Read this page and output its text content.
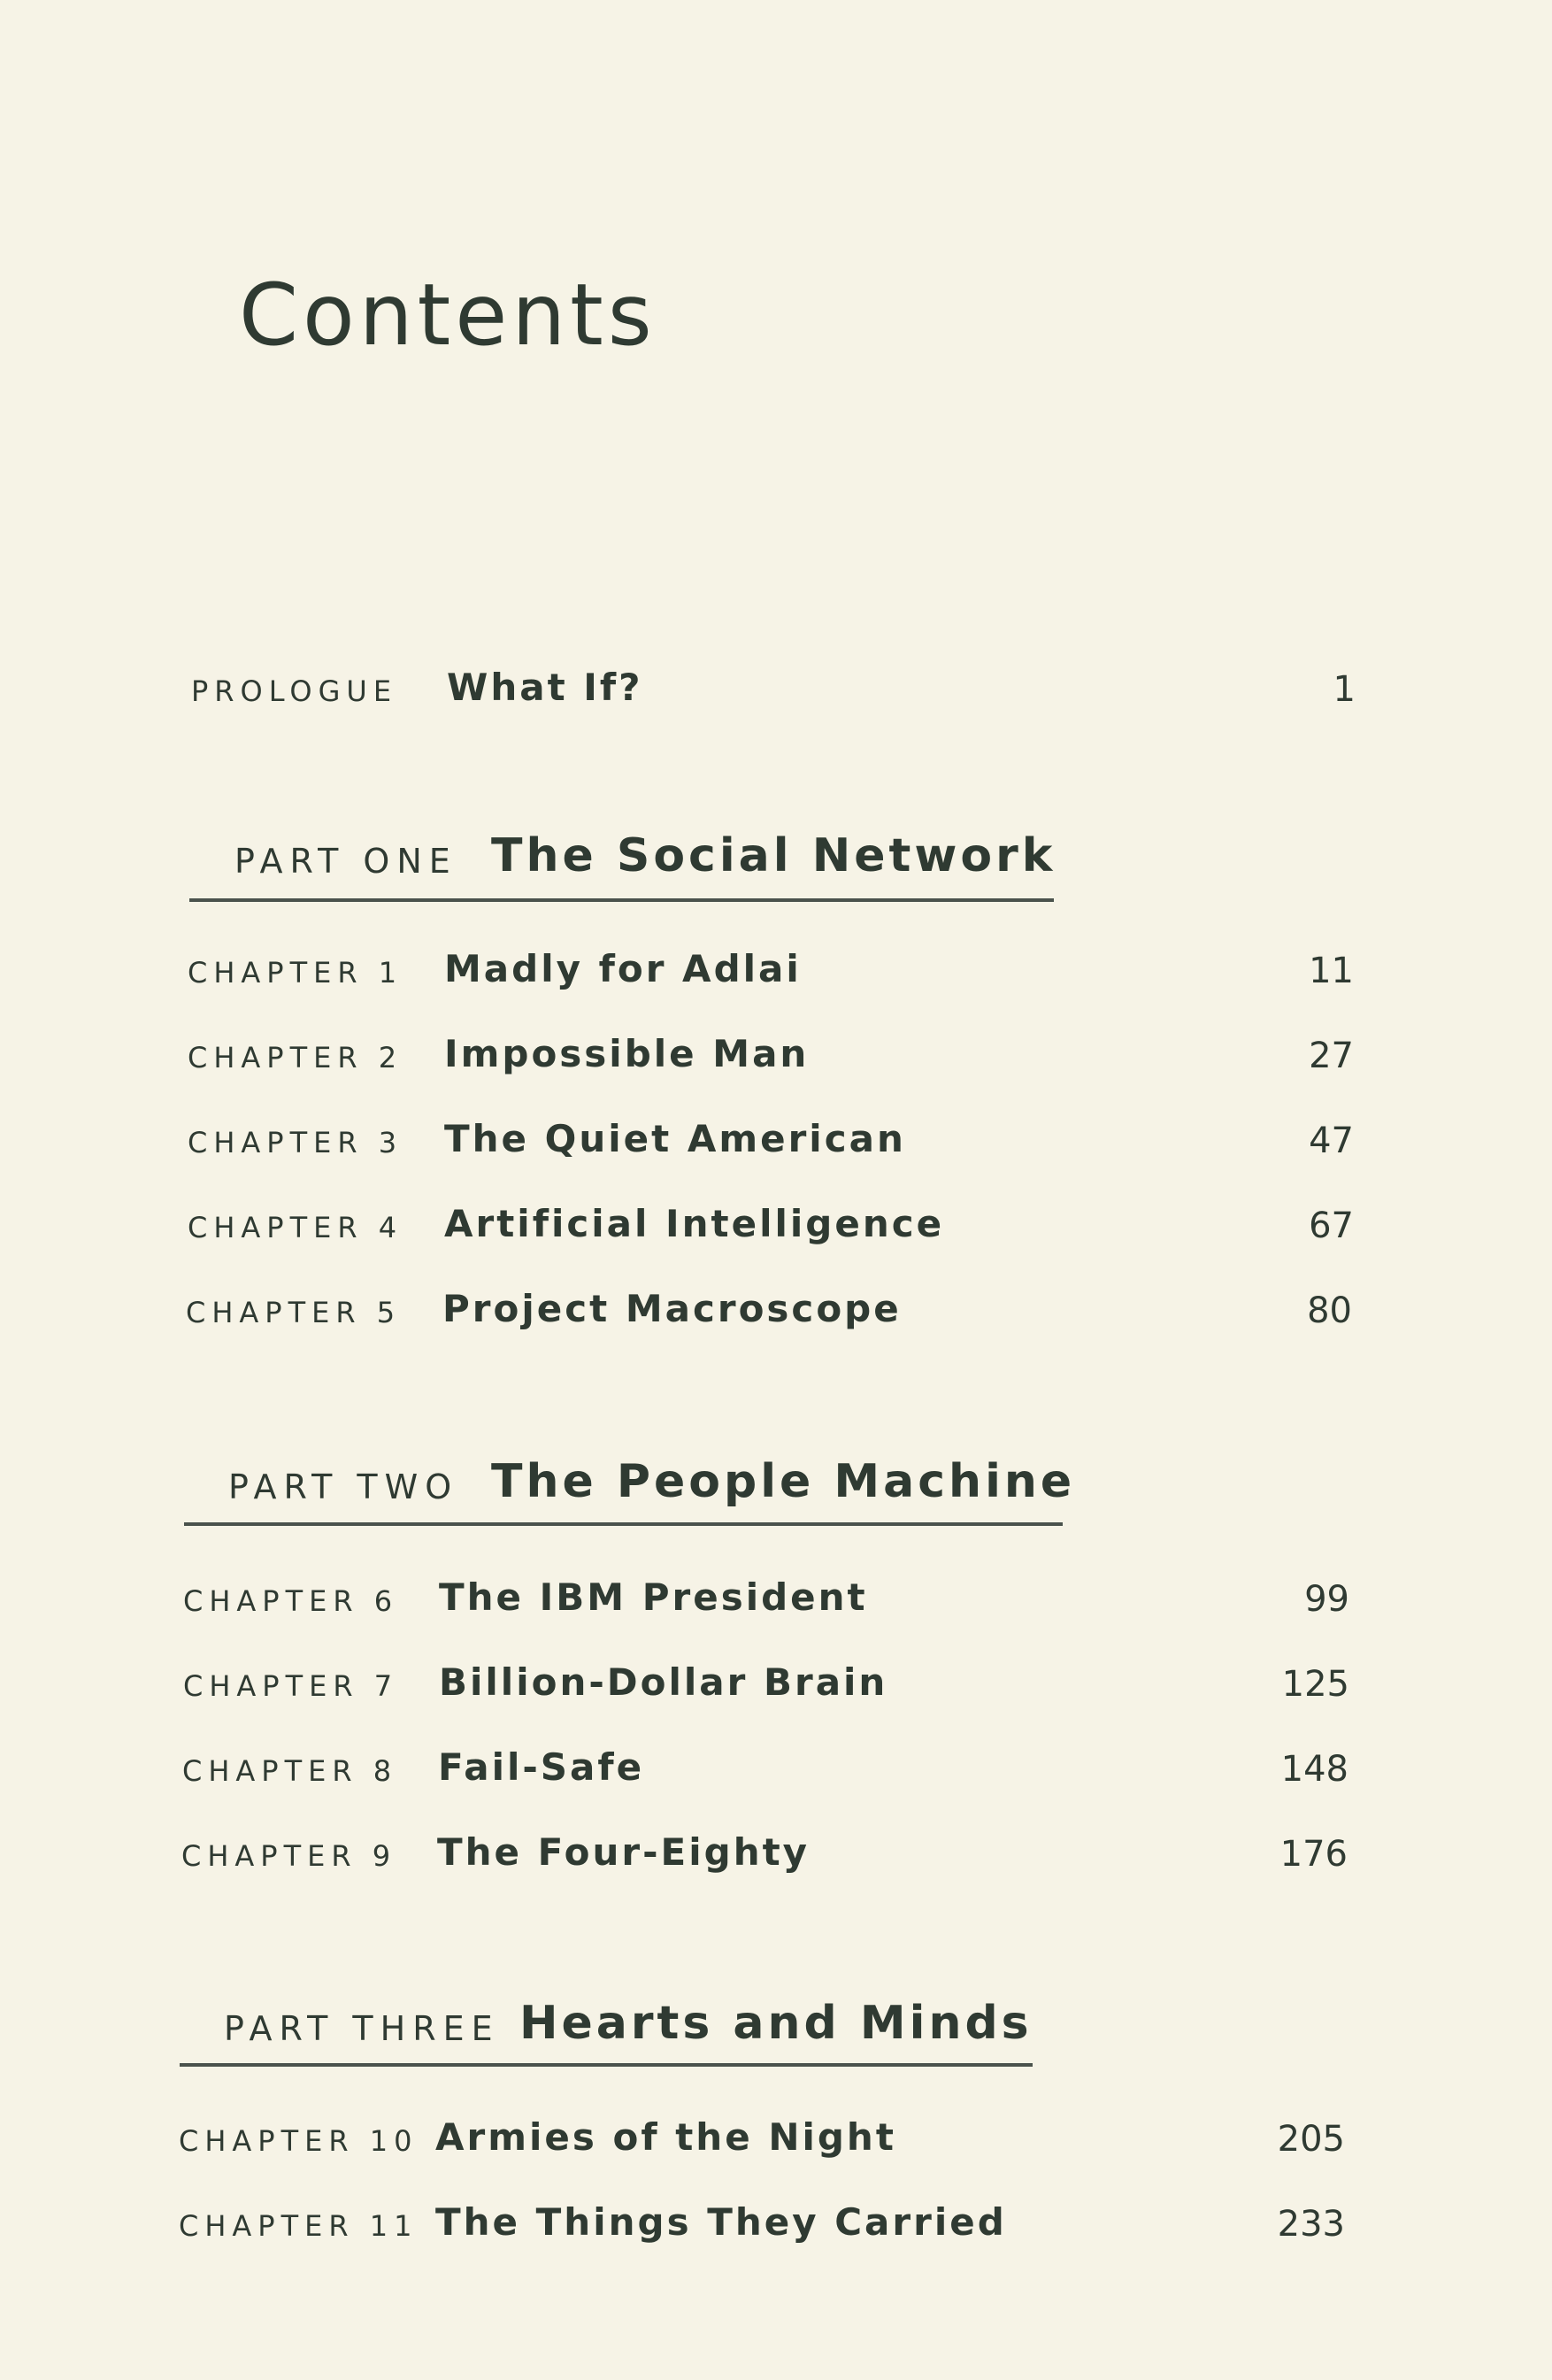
Contents
PROLOGUE What If?	1
PART ONE The Social Network
CHAPTER 1 Madly for Adlai	11
CHAPTER 2 Impossible Man	27
CHAPTER 3 The Quiet American	47
CHAPTER 4 Artificial Intelligence	67
CHAPTER 5 Project Macroscope	80
PART TWO The People Machine
CHAPTER 6 The IBM President	99
CHAPTER 7 Billion-Dollar Brain	125
CHAPTER 8 Fail-Safe	148
CHAPTER 9 The Four-Eighty	176
PART THREE Hearts and Minds
CHAPTER 10 Armies of the Night	205
CHAPTER 11 The Things They Carried	233
